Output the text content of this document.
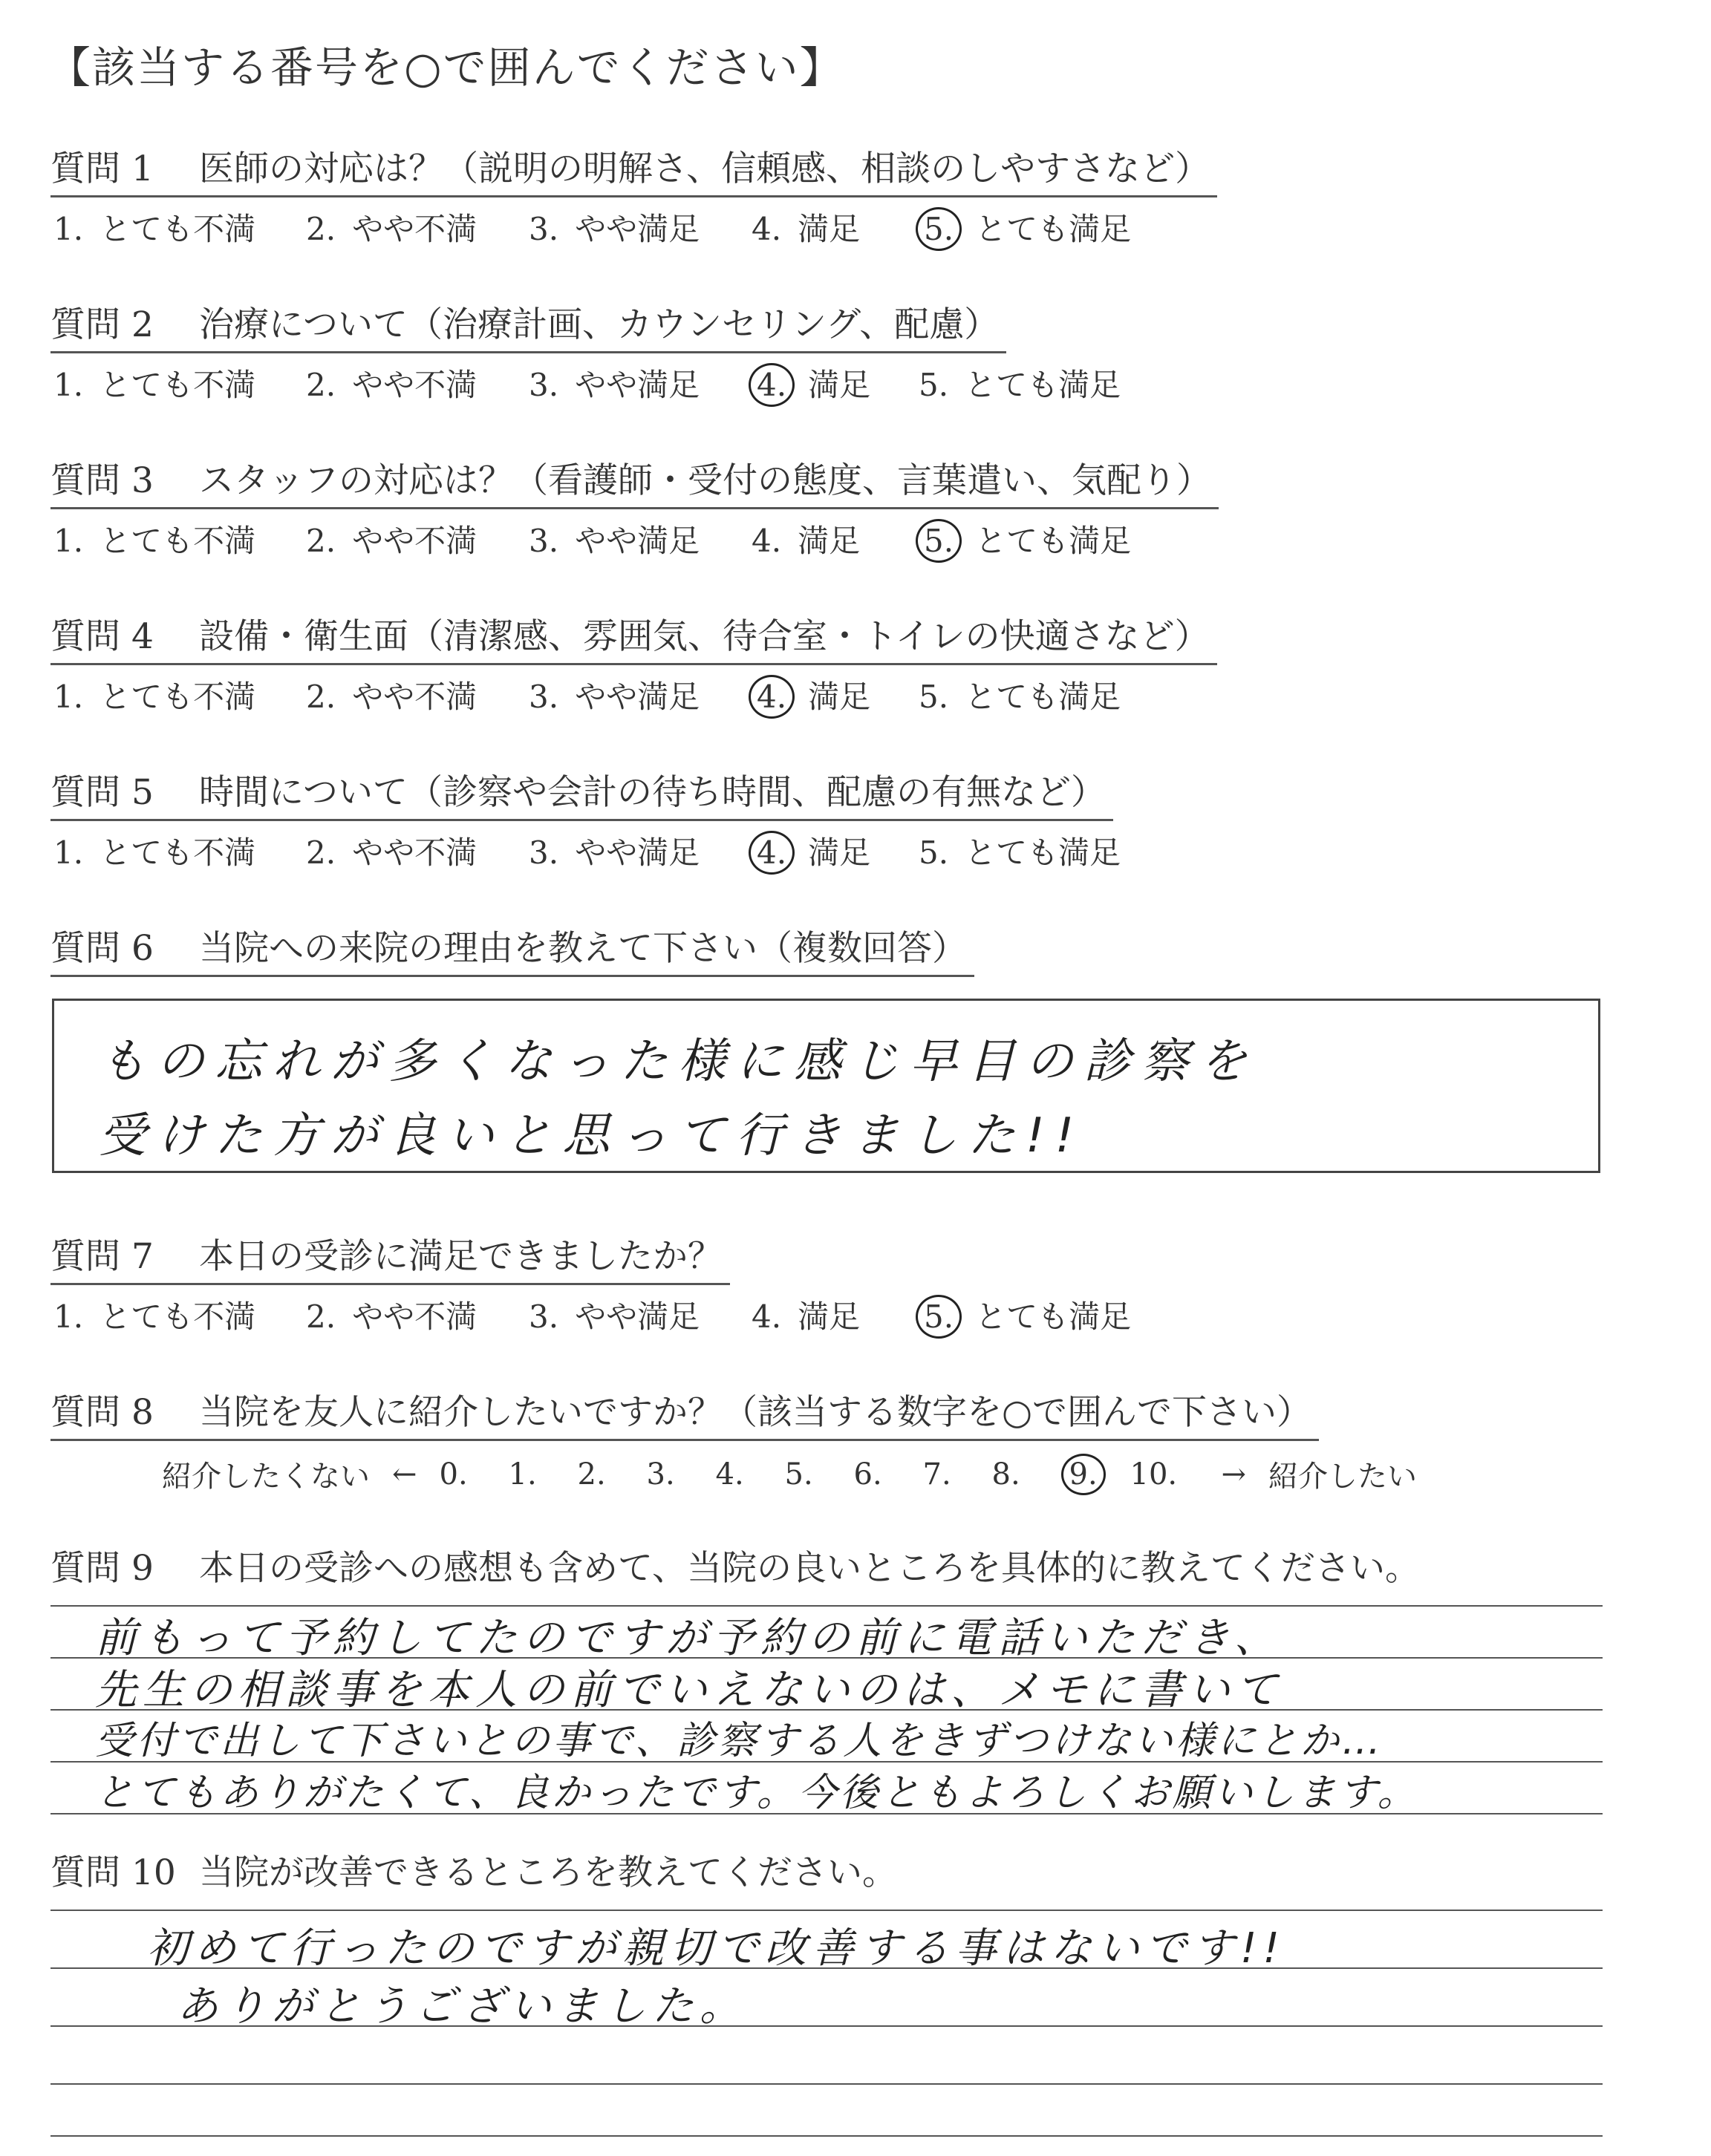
【該当する番号を○で囲んでください】
質問 1 医師の対応は？（説明の明解さ、信頼感、相談のしやすさなど）
1. とても不満 2. やや不満 3. やや満足 4. 満足 5. とても満足
質問 2 治療について（治療計画、カウンセリング、配慮）
1. とても不満 2. やや不満 3. やや満足 4. 満足 5. とても満足
質問 3 スタッフの対応は？（看護師・受付の態度、言葉遣い、気配り）
1. とても不満 2. やや不満 3. やや満足 4. 満足 5. とても満足
質問 4 設備・衛生面（清潔感、雰囲気、待合室・トイレの快適さなど）
1. とても不満 2. やや不満 3. やや満足 4. 満足 5. とても満足
質問 5 時間について（診察や会計の待ち時間、配慮の有無など）
1. とても不満 2. やや不満 3. やや満足 4. 満足 5. とても満足
質問 6 当院への来院の理由を教えて下さい（複数回答）
もの忘れが多くなった様に感じ早目の診察を
受けた方が良いと思って行きました!!
質問 7 本日の受診に満足できましたか？
1. とても不満 2. やや不満 3. やや満足 4. 満足 5. とても満足
質問 8 当院を友人に紹介したいですか？（該当する数字を○で囲んで下さい）
紹介したくない ← 0.	1.	2.	3.	4.	5.	6.	7.	8.	9.	10.	→ 紹介したい
質問 9 本日の受診への感想も含めて、当院の良いところを具体的に教えてください。
前もって予約してたのですが予約の前に電話いただき、
先生の相談事を本人の前でいえないのは、メモに書いて
受付で出して下さいとの事で、診察する人をきずつけない様にとか…
とてもありがたくて、良かったです。今後ともよろしくお願いします。
質問 10 当院が改善できるところを教えてください。
初めて行ったのですが親切で改善する事はないです!!
ありがとうございました。
